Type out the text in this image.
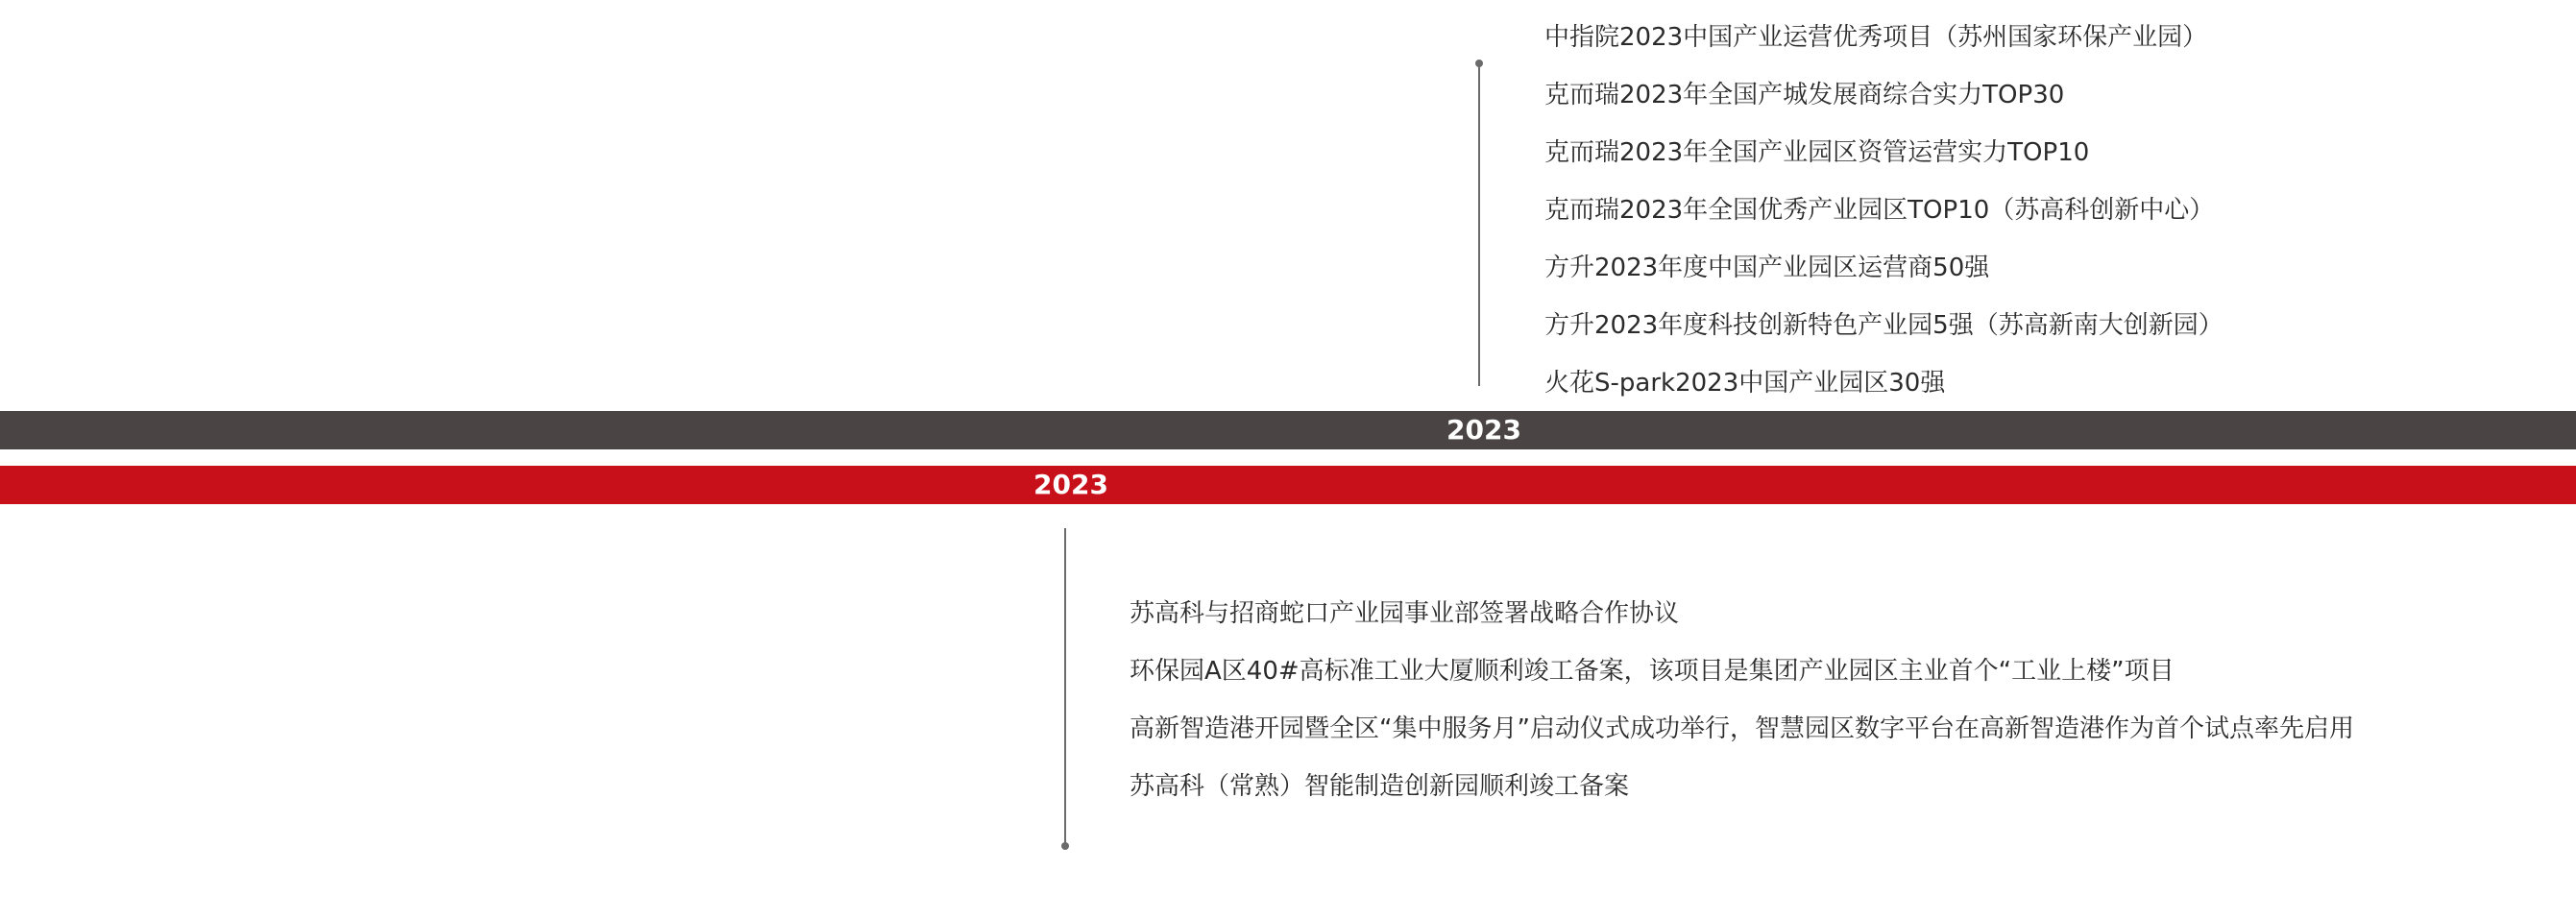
中指院2023中国产业运营优秀项目（苏州国家环保产业园）
克而瑞2023年全国产城发展商综合实力TOP30
克而瑞2023年全国产业园区资管运营实力TOP10
克而瑞2023年全国优秀产业园区TOP10（苏高科创新中心）
方升2023年度中国产业园区运营商50强
方升2023年度科技创新特色产业园5强（苏高新南大创新园）
火花S-park2023中国产业园区30强
2023
2023
苏高科与招商蛇口产业园事业部签署战略合作协议
环保园A区40#高标准工业大厦顺利竣工备案，该项目是集团产业园区主业首个“工业上楼”项目
高新智造港开园暨全区“集中服务月”启动仪式成功举行，智慧园区数字平台在高新智造港作为首个试点率先启用
苏高科（常熟）智能制造创新园顺利竣工备案
